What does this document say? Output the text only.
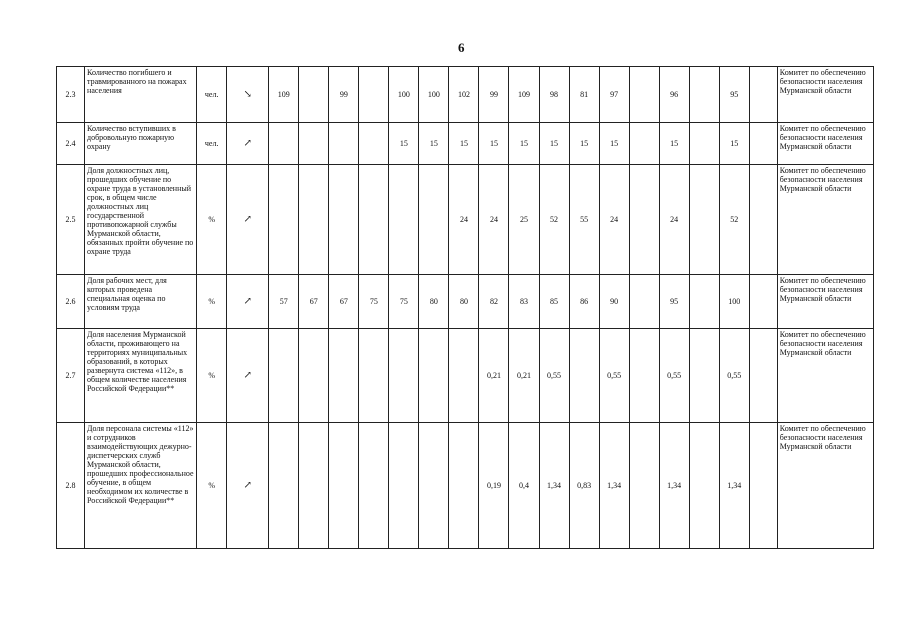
6
2.3	Количество погибшего и травмированного на пожарах населения	чел.	↘	109		99		100	100	102	99	109	98	81	97		96		95		Комитет по обеспечению безопасности населения Мурманской области
2.4	Количество вступивших в добровольную пожарную охрану	чел.	↗					15	15	15	15	15	15	15	15		15		15		Комитет по обеспечению безопасности населения Мурманской области
2.5	Доля должностных лиц, прошедших обучение по охране труда в установленный срок, в общем числе должностных лиц государственной противопожарной службы Мурманской области, обязанных пройти обучение по охране труда	%	↗							24	24	25	52	55	24		24		52		Комитет по обеспечению безопасности населения Мурманской области
2.6	Доля рабочих мест, для которых проведена специальная оценка по условиям труда	%	↗	57	67	67	75	75	80	80	82	83	85	86	90		95		100		Комитет по обеспечению безопасности населения Мурманской области
2.7	Доля населения Мурманской области, проживающего на территориях муниципальных образований, в которых развернута система «112», в общем количестве населения Российской Федерации**	%	↗								0,21	0,21	0,55		0,55		0,55		0,55		Комитет по обеспечению безопасности населения Мурманской области
2.8	Доля персонала системы «112» и сотрудников взаимодействующих дежурно-диспетчерских служб Мурманской области, прошедших профессиональное обучение, в общем необходимом их количестве в Российской Федерации**	%	↗								0,19	0,4	1,34	0,83	1,34		1,34		1,34		Комитет по обеспечению безопасности населения Мурманской области
